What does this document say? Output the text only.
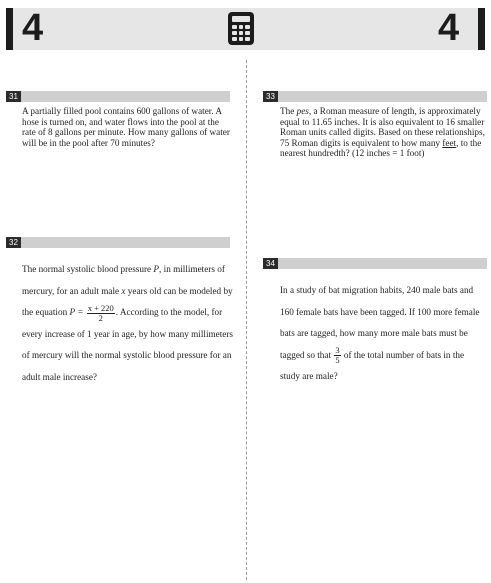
4	4
31
A partially filled pool contains 600 gallons of water. A hose is turned on, and water flows into the pool at the rate of 8 gallons per minute. How many gallons of water will be in the pool after 70 minutes?
32
The normal systolic blood pressure P, in millimeters of mercury, for an adult male x years old can be modeled by the equation $P = \frac{x + 220}{2}$ . According to the model, for every increase of 1 year in age, by how many millimeters of mercury will the normal systolic blood pressure for an adult male increase?
33
The pes, a Roman measure of length, is approximately equal to 11.65 inches. It is also equivalent to 16 smaller Roman units called digits. Based on these relationships, 75 Roman digits is equivalent to how many feet, to the nearest hundredth? (12 inches = 1 foot)
34
In a study of bat migration habits, 240 male bats and 160 female bats have been tagged. If 100 more female bats are tagged, how many more male bats must be tagged so that $\frac{3}{5}$ of the total number of bats in the study are male?
